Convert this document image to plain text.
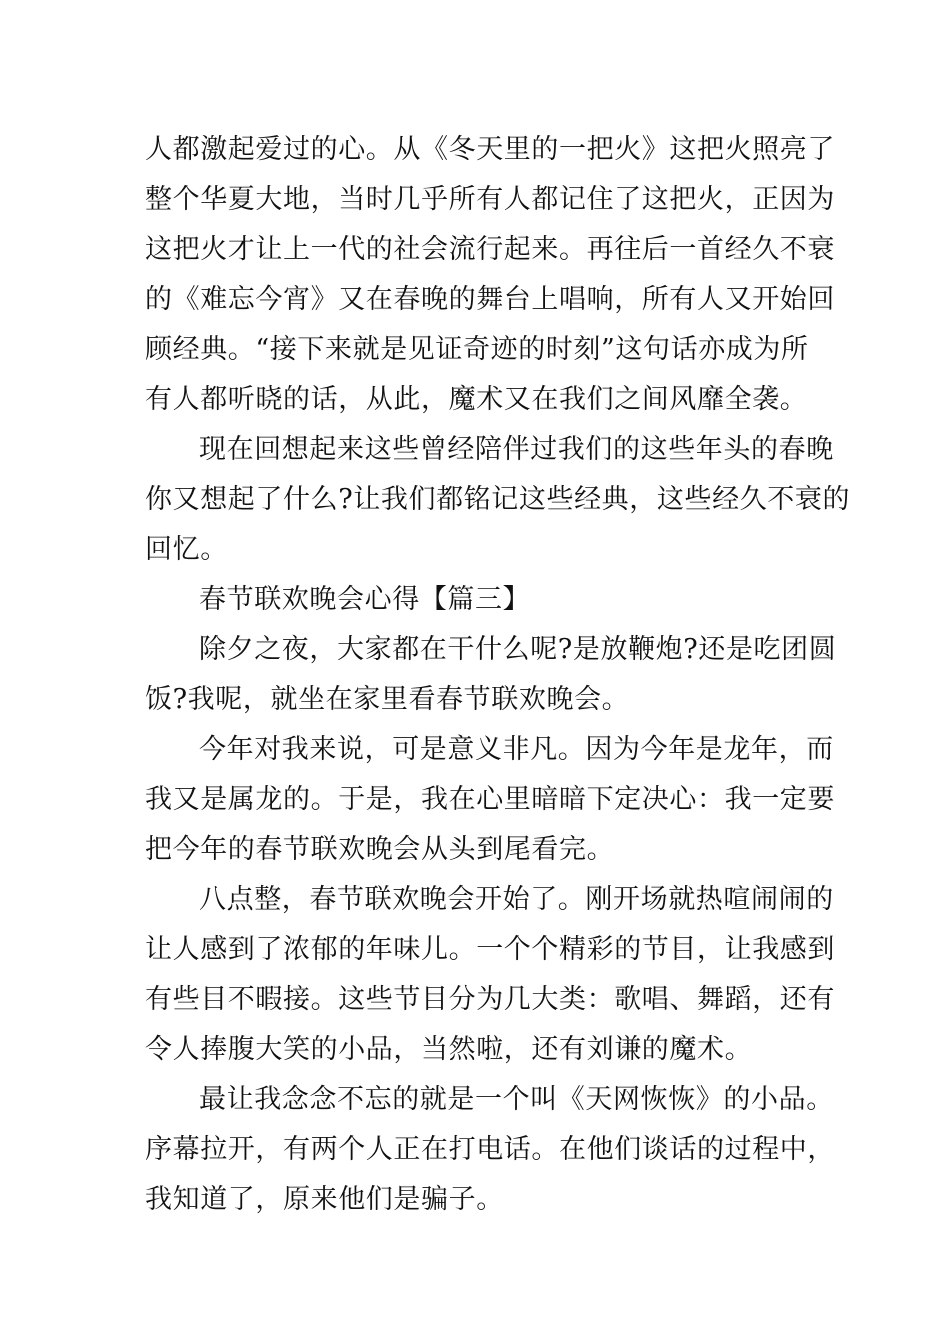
人都激起爱过的心。从《冬天里的一把火》这把火照亮了
整个华夏大地，当时几乎所有人都记住了这把火，正因为
这把火才让上一代的社会流行起来。再往后一首经久不衰
的《难忘今宵》又在春晚的舞台上唱响，所有人又开始回
顾经典。“接下来就是见证奇迹的时刻”这句话亦成为所
有人都听晓的话，从此，魔术又在我们之间风靡全袭。
现在回想起来这些曾经陪伴过我们的这些年头的春晚
你又想起了什么?让我们都铭记这些经典，这些经久不衰的
回忆。
春节联欢晚会心得【篇三】
除夕之夜，大家都在干什么呢?是放鞭炮?还是吃团圆
饭?我呢，就坐在家里看春节联欢晚会。
今年对我来说，可是意义非凡。因为今年是龙年，而
我又是属龙的。于是，我在心里暗暗下定决心：我一定要
把今年的春节联欢晚会从头到尾看完。
八点整，春节联欢晚会开始了。刚开场就热喧闹闹的
让人感到了浓郁的年味儿。一个个精彩的节目，让我感到
有些目不暇接。这些节目分为几大类：歌唱、舞蹈，还有
令人捧腹大笑的小品，当然啦，还有刘谦的魔术。
最让我念念不忘的就是一个叫《天网恢恢》的小品。
序幕拉开，有两个人正在打电话。在他们谈话的过程中，
我知道了，原来他们是骗子。
